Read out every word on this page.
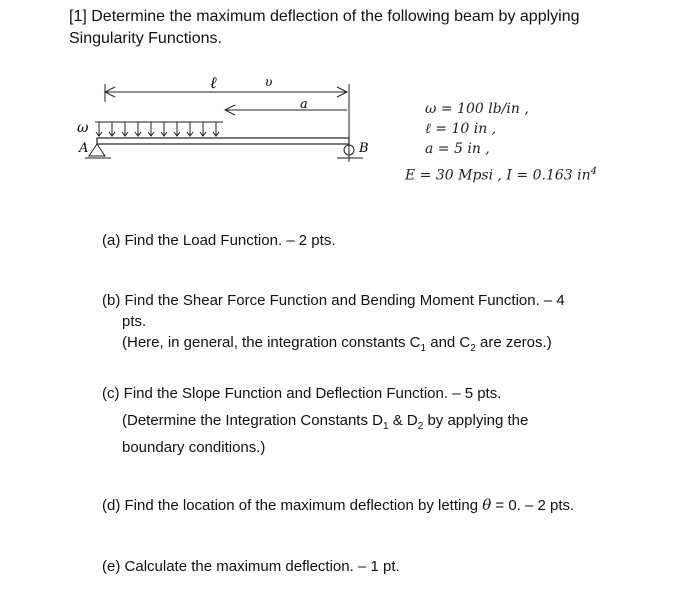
[1] Determine the maximum deflection of the following beam by applying
Singularity Functions.
ℓ	υ
a
ω
A	B
ω = 100 lb/in ,
ℓ = 10 in ,
a = 5 in ,
E = 30 Mpsi , I = 0.163 $in^4$
(a) Find the Load Function. – 2 pts.
(b) Find the Shear Force Function and Bending Moment Function. – 4
pts.
(Here, in general, the integration constants $C_1$ and $C_2$ are zeros.)
(c) Find the Slope Function and Deflection Function. – 5 pts.
(Determine the Integration Constants $D_1$ & $D_2$ by applying the
boundary conditions.)
(d) Find the location of the maximum deflection by letting θ = 0. – 2 pts.
(e) Calculate the maximum deflection. – 1 pt.
